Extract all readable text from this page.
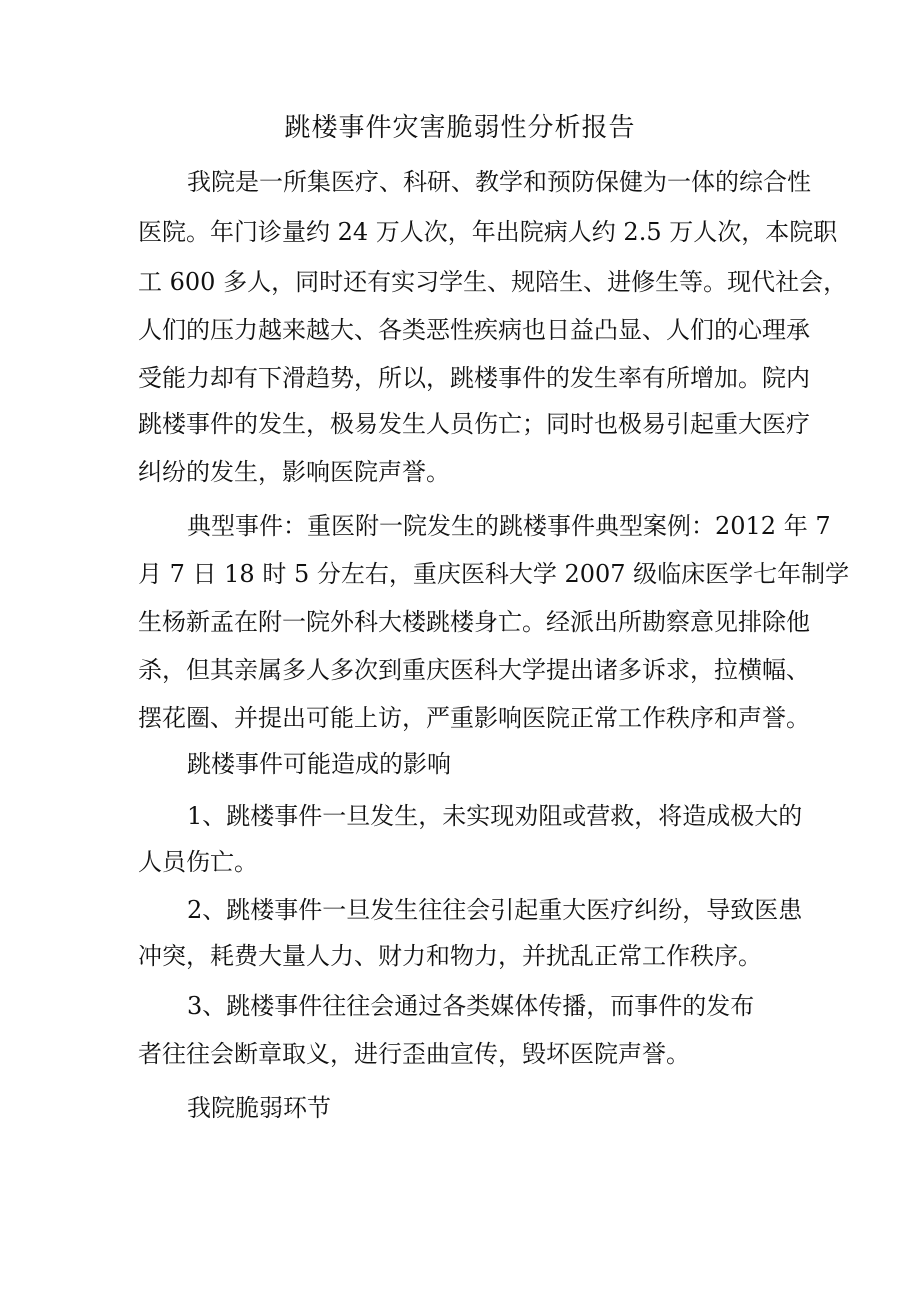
跳楼事件灾害脆弱性分析报告

我院是一所集医疗、科研、教学和预防保健为一体的综合性

医院。年门诊量约 24 万人次，年出院病人约 2.5 万人次，本院职

工 600 多人，同时还有实习学生、规陪生、进修生等。现代社会，

人们的压力越来越大、各类恶性疾病也日益凸显、人们的心理承

受能力却有下滑趋势，所以，跳楼事件的发生率有所增加。院内

跳楼事件的发生，极易发生人员伤亡；同时也极易引起重大医疗

纠纷的发生，影响医院声誉。

典型事件：重医附一院发生的跳楼事件典型案例：2012 年 7

月 7 日 18 时 5 分左右，重庆医科大学 2007 级临床医学七年制学

生杨新孟在附一院外科大楼跳楼身亡。经派出所勘察意见排除他

杀，但其亲属多人多次到重庆医科大学提出诸多诉求，拉横幅、

摆花圈、并提出可能上访，严重影响医院正常工作秩序和声誉。

跳楼事件可能造成的影响

1、跳楼事件一旦发生，未实现劝阻或营救，将造成极大的

人员伤亡。

2、跳楼事件一旦发生往往会引起重大医疗纠纷，导致医患

冲突，耗费大量人力、财力和物力，并扰乱正常工作秩序。

3、跳楼事件往往会通过各类媒体传播，而事件的发布

者往往会断章取义，进行歪曲宣传，毁坏医院声誉。

我院脆弱环节
